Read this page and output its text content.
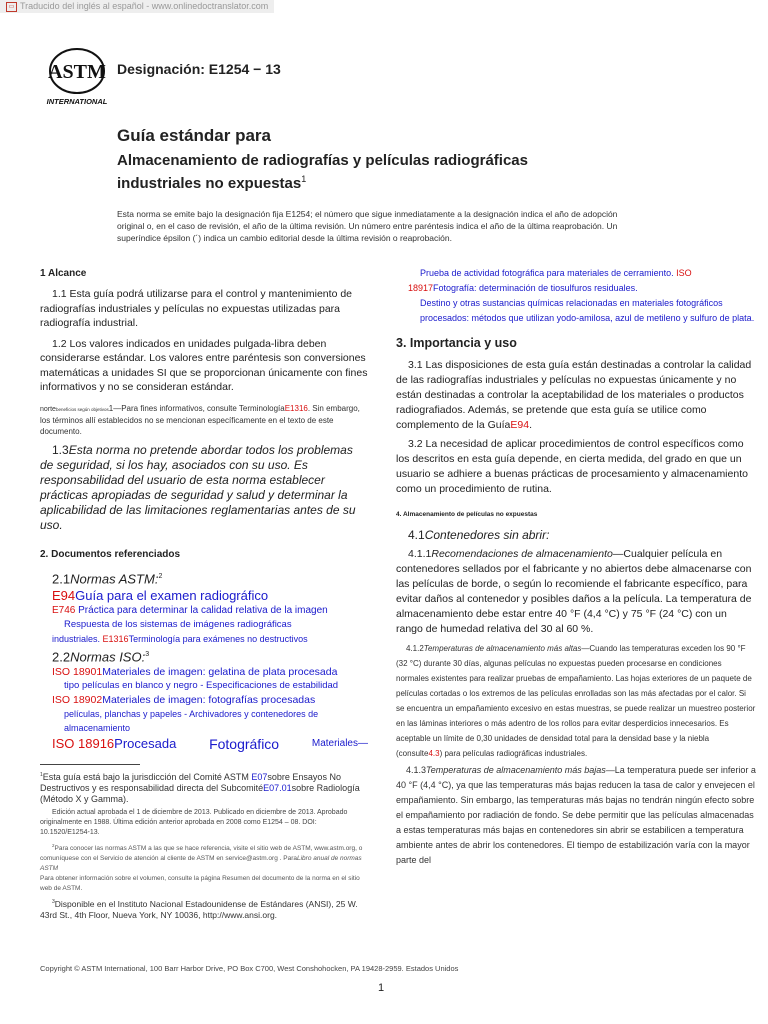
▭ Traducido del inglés al español - www.onlinedoctranslator.com
ASTM
INTERNATIONAL
Designación: E1254 − 13
Guía estándar para
Almacenamiento de radiografías y películas radiográficas industriales no expuestas$^1$
Esta norma se emite bajo la designación fija E1254; el número que sigue inmediatamente a la designación indica el año de adopción original o, en el caso de revisión, el año de la última revisión. Un número entre paréntesis indica el año de la última reaprobación. Un superíndice épsilon (´) indica un cambio editorial desde la última revisión o reaprobación.
1 Alcance

1.1 Esta guía podrá utilizarse para el control y mantenimiento de radiografías industriales y películas no expuestas utilizadas para radiografía industrial.

1.2 Los valores indicados en unidades pulgada-libra deben considerarse estándar. Los valores entre paréntesis son conversiones matemáticas a unidades SI que se proporcionan únicamente con fines informativos y no se consideran estándar.

nortebeneficios según objetivos1—Para fines informativos, consulte TerminologíaE1316. Sin embargo, los términos allí establecidos no se mencionan específicamente en el texto de este documento.

1.3Esta norma no pretende abordar todos los problemas de seguridad, si los hay, asociados con su uso. Es responsabilidad del usuario de esta norma establecer prácticas apropiadas de seguridad y salud y determinar la aplicabilidad de las limitaciones reglamentarias antes de su uso.

2. Documentos referenciados

2.1Normas ASTM:$^2$

E94Guía para el examen radiográfico

E746 Práctica para determinar la calidad relativa de la imagen

Respuesta de los sistemas de imágenes radiográficas

industriales. E1316Terminología para exámenes no destructivos

2.2Normas ISO:$^3$

ISO 18901Materiales de imagen: gelatina de plata procesada

tipo películas en blanco y negro - Especificaciones de estabilidad

ISO 18902Materiales de imagen: fotografías procesadas

películas, planchas y papeles - Archivadores y contenedores de

almacenamiento

ISO 18916Procesada Fotográfico	Materiales—

$^1$Esta guía está bajo la jurisdicción del Comité ASTM E07sobre Ensayos No Destructivos y es responsabilidad directa del SubcomitéE07.01sobre Radiología (Método X y Gamma).

Edición actual aprobada el 1 de diciembre de 2013. Publicado en diciembre de 2013. Aprobado originalmente en 1988. Última edición anterior aprobada en 2008 como E1254 – 08. DOI: 10.1520/E1254-13.

$^2$Para conocer las normas ASTM a las que se hace referencia, visite el sitio web de ASTM, www.astm.org, o comuníquese con el Servicio de atención al cliente de ASTM en service@astm.org . ParaLibro anual de normas ASTM
Para obtener información sobre el volumen, consulte la página Resumen del documento de la norma en el sitio web de ASTM.

$^3$Disponible en el Instituto Nacional Estadounidense de Estándares (ANSI), 25 W. 43rd St., 4th Floor, Nueva York, NY 10036, http://www.ansi.org.

Prueba de actividad fotográfica para materiales de cerramiento. ISO

18917Fotografía: determinación de tiosulfuros residuales.

Destino y otras sustancias químicas relacionadas en materiales fotográficos procesados: métodos que utilizan yodo-amilosa, azul de metileno y sulfuro de plata.

3. Importancia y uso

3.1 Las disposiciones de esta guía están destinadas a controlar la calidad de las radiografías industriales y películas no expuestas únicamente y no están destinadas a controlar la aceptabilidad de los materiales o productos radiografiados. Además, se pretende que esta guía se utilice como complemento de la GuíaE94.

3.2 La necesidad de aplicar procedimientos de control específicos como los descritos en esta guía depende, en cierta medida, del grado en que un usuario se adhiere a buenas prácticas de procesamiento y almacenamiento como un procedimiento de rutina.

4. Almacenamiento de películas no expuestas

4.1Contenedores sin abrir:

4.1.1Recomendaciones de almacenamiento—Cualquier película en contenedores sellados por el fabricante y no abiertos debe almacenarse con las películas de borde, o según lo recomiende el fabricante específico, para evitar daños al contenedor y posibles daños a la película. La temperatura de almacenamiento debe estar entre 40 °F (4,4 °C) y 75 °F (24 °C) con un rango de humedad relativa del 30 al 60 %.

4.1.2Temperaturas de almacenamiento más altas—Cuando las temperaturas exceden los 90 °F (32 °C) durante 30 días, algunas películas no expuestas pueden procesarse en condiciones normales existentes para realizar pruebas de empañamiento. Las hojas exteriores de un paquete de películas cortadas o los extremos de las películas enrolladas son las más afectadas por el calor. Si se encuentra un empañamiento excesivo en estas muestras, se puede realizar un muestreo posterior en las láminas interiores o más adentro de los rollos para evitar desperdicios innecesarios. Es aceptable un límite de 0,30 unidades de densidad total para la densidad base y la niebla (consulte4.3) para películas radiográficas industriales.

4.1.3Temperaturas de almacenamiento más bajas—La temperatura puede ser inferior a 40 °F (4,4 °C), ya que las temperaturas más bajas reducen la tasa de calor y envejecen el empañamiento. Sin embargo, las temperaturas más bajas no tendrán ningún efecto sobre el empañamiento por radiación de fondo. Se debe permitir que las películas almacenadas a estas temperaturas más bajas en contenedores sin abrir se estabilicen a temperatura ambiente antes de abrir los contenedores. El tiempo de estabilización varía con la mayor parte del

Copyright © ASTM International, 100 Barr Harbor Drive, PO Box C700, West Conshohocken, PA 19428-2959. Estados Unidos
1
